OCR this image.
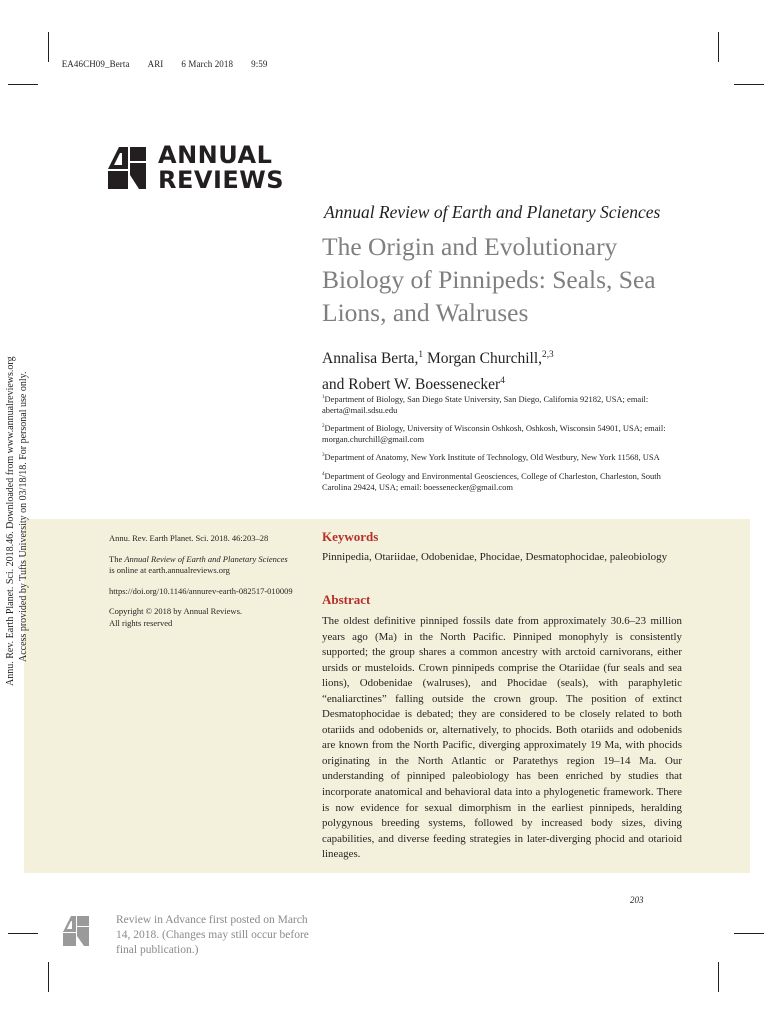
EA46CH09_Berta ARI 6 March 2018 9:59

ANNUAL
REVIEWS
Annual Review of Earth and Planetary Sciences
The Origin and Evolutionary Biology of Pinnipeds: Seals, Sea Lions, and Walruses
Annalisa Berta,$^1$ Morgan Churchill,$^{2,3}$
and Robert W. Boessenecker$^4$
$^1$Department of Biology, San Diego State University, San Diego, California 92182, USA; email: aberta@mail.sdsu.edu
$^2$Department of Biology, University of Wisconsin Oshkosh, Oshkosh, Wisconsin 54901, USA; email: morgan.churchill@gmail.com
$^3$Department of Anatomy, New York Institute of Technology, Old Westbury, New York 11568, USA
$^4$Department of Geology and Environmental Geosciences, College of Charleston, Charleston, South Carolina 29424, USA; email: boessenecker@gmail.com

Annu. Rev. Earth Planet. Sci. 2018. 46:203–28

The Annual Review of Earth and Planetary Sciences is online at earth.annualreviews.org

https://doi.org/10.1146/annurev-earth-082517-010009

Copyright © 2018 by Annual Reviews.
All rights reserved

Keywords
Pinnipedia, Otariidae, Odobenidae, Phocidae, Desmatophocidae, paleobiology
Abstract
The oldest definitive pinniped fossils date from approximately 30.6–23 million years ago (Ma) in the North Pacific. Pinniped monophyly is consistently supported; the group shares a common ancestry with arctoid carnivorans, either ursids or musteloids. Crown pinnipeds comprise the Otariidae (fur seals and sea lions), Odobenidae (walruses), and Phocidae (seals), with paraphyletic “enaliarctines” falling outside the crown group. The position of extinct Desmatophocidae is debated; they are considered to be closely related to both otariids and odobenids or, alternatively, to phocids. Both otariids and odobenids are known from the North Pacific, diverging approximately 19 Ma, with phocids originating in the North Atlantic or Paratethys region 19–14 Ma. Our understanding of pinniped paleobiology has been enriched by studies that incorporate anatomical and behavioral data into a phylogenetic framework. There is now evidence for sexual dimorphism in the earliest pinnipeds, heralding polygynous breeding systems, followed by increased body sizes, diving capabilities, and diverse feeding strategies in later-diverging phocid and otarioid lineages.
203
Annu. Rev. Earth Planet. Sci. 2018.46. Downloaded from www.annualreviews.org Access provided by Tufts University on 03/18/18. For personal use only.
Review in Advance first posted on March 14, 2018. (Changes may still occur before final publication.)
